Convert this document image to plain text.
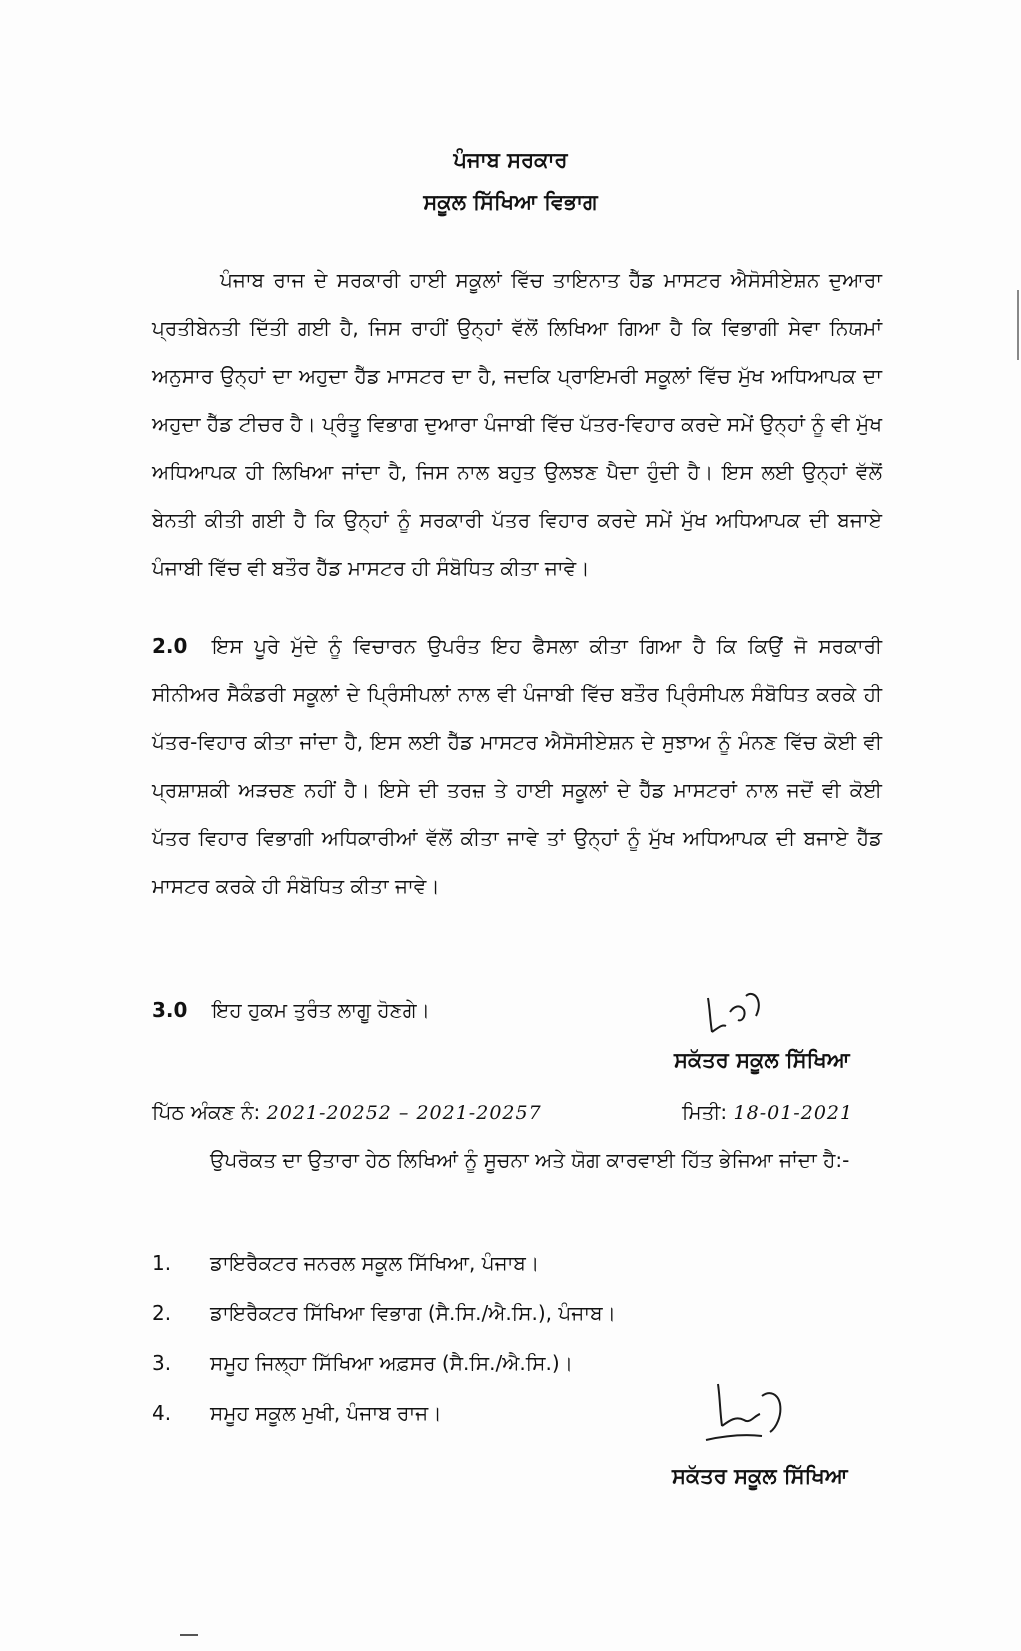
ਪੰਜਾਬ ਸਰਕਾਰ
ਸਕੂਲ ਸਿੱਖਿਆ ਵਿਭਾਗ
ਪੰਜਾਬ ਰਾਜ ਦੇ ਸਰਕਾਰੀ ਹਾਈ ਸਕੂਲਾਂ ਵਿੱਚ ਤਾਇਨਾਤ ਹੈੱਡ ਮਾਸਟਰ ਐਸੋਸੀਏਸ਼ਨ ਦੁਆਰਾ ਪ੍ਰਤੀਬੇਨਤੀ ਦਿੱਤੀ ਗਈ ਹੈ, ਜਿਸ ਰਾਹੀਂ ਉਨ੍ਹਾਂ ਵੱਲੋਂ ਲਿਖਿਆ ਗਿਆ ਹੈ ਕਿ ਵਿਭਾਗੀ ਸੇਵਾ ਨਿਯਮਾਂ ਅਨੁਸਾਰ ਉਨ੍ਹਾਂ ਦਾ ਅਹੁਦਾ ਹੈੱਡ ਮਾਸਟਰ ਦਾ ਹੈ, ਜਦਕਿ ਪ੍ਰਾਇਮਰੀ ਸਕੂਲਾਂ ਵਿੱਚ ਮੁੱਖ ਅਧਿਆਪਕ ਦਾ ਅਹੁਦਾ ਹੈੱਡ ਟੀਚਰ ਹੈ। ਪ੍ਰੰਤੂ ਵਿਭਾਗ ਦੁਆਰਾ ਪੰਜਾਬੀ ਵਿੱਚ ਪੱਤਰ-ਵਿਹਾਰ ਕਰਦੇ ਸਮੇਂ ਉਨ੍ਹਾਂ ਨੂੰ ਵੀ ਮੁੱਖ ਅਧਿਆਪਕ ਹੀ ਲਿਖਿਆ ਜਾਂਦਾ ਹੈ, ਜਿਸ ਨਾਲ ਬਹੁਤ ਉਲਝਣ ਪੈਦਾ ਹੁੰਦੀ ਹੈ। ਇਸ ਲਈ ਉਨ੍ਹਾਂ ਵੱਲੋਂ ਬੇਨਤੀ ਕੀਤੀ ਗਈ ਹੈ ਕਿ ਉਨ੍ਹਾਂ ਨੂੰ ਸਰਕਾਰੀ ਪੱਤਰ ਵਿਹਾਰ ਕਰਦੇ ਸਮੇਂ ਮੁੱਖ ਅਧਿਆਪਕ ਦੀ ਬਜਾਏ ਪੰਜਾਬੀ ਵਿੱਚ ਵੀ ਬਤੌਰ ਹੈੱਡ ਮਾਸਟਰ ਹੀ ਸੰਬੋਧਿਤ ਕੀਤਾ ਜਾਵੇ।
2.0 ਇਸ ਪੂਰੇ ਮੁੱਦੇ ਨੂੰ ਵਿਚਾਰਨ ਉਪਰੰਤ ਇਹ ਫੈਸਲਾ ਕੀਤਾ ਗਿਆ ਹੈ ਕਿ ਕਿਉਂ ਜੋ ਸਰਕਾਰੀ ਸੀਨੀਅਰ ਸੈਕੰਡਰੀ ਸਕੂਲਾਂ ਦੇ ਪ੍ਰਿੰਸੀਪਲਾਂ ਨਾਲ ਵੀ ਪੰਜਾਬੀ ਵਿੱਚ ਬਤੌਰ ਪ੍ਰਿੰਸੀਪਲ ਸੰਬੋਧਿਤ ਕਰਕੇ ਹੀ ਪੱਤਰ-ਵਿਹਾਰ ਕੀਤਾ ਜਾਂਦਾ ਹੈ, ਇਸ ਲਈ ਹੈੱਡ ਮਾਸਟਰ ਐਸੋਸੀਏਸ਼ਨ ਦੇ ਸੁਝਾਅ ਨੂੰ ਮੰਨਣ ਵਿੱਚ ਕੋਈ ਵੀ ਪ੍ਰਸ਼ਾਸ਼ਕੀ ਅੜਚਣ ਨਹੀਂ ਹੈ। ਇਸੇ ਦੀ ਤਰਜ਼ ਤੇ ਹਾਈ ਸਕੂਲਾਂ ਦੇ ਹੈੱਡ ਮਾਸਟਰਾਂ ਨਾਲ ਜਦੋਂ ਵੀ ਕੋਈ ਪੱਤਰ ਵਿਹਾਰ ਵਿਭਾਗੀ ਅਧਿਕਾਰੀਆਂ ਵੱਲੋਂ ਕੀਤਾ ਜਾਵੇ ਤਾਂ ਉਨ੍ਹਾਂ ਨੂੰ ਮੁੱਖ ਅਧਿਆਪਕ ਦੀ ਬਜਾਏ ਹੈੱਡ ਮਾਸਟਰ ਕਰਕੇ ਹੀ ਸੰਬੋਧਿਤ ਕੀਤਾ ਜਾਵੇ।
3.0 ਇਹ ਹੁਕਮ ਤੁਰੰਤ ਲਾਗੂ ਹੋਣਗੇ।
ਸਕੱਤਰ ਸਕੂਲ ਸਿੱਖਿਆ
ਪਿੱਠ ਅੰਕਣ ਨੰ: 2021-20252 – 2021-20257	ਮਿਤੀ: 18-01-2021
ਉਪਰੋਕਤ ਦਾ ਉਤਾਰਾ ਹੇਠ ਲਿਖਿਆਂ ਨੂੰ ਸੂਚਨਾ ਅਤੇ ਯੋਗ ਕਾਰਵਾਈ ਹਿੱਤ ਭੇਜਿਆ ਜਾਂਦਾ ਹੈ:-
1. ਡਾਇਰੈਕਟਰ ਜਨਰਲ ਸਕੂਲ ਸਿੱਖਿਆ, ਪੰਜਾਬ।
2. ਡਾਇਰੈਕਟਰ ਸਿੱਖਿਆ ਵਿਭਾਗ (ਸੈ.ਸਿ./ਐ.ਸਿ.), ਪੰਜਾਬ।
3. ਸਮੂਹ ਜਿਲ੍ਹਾ ਸਿੱਖਿਆ ਅਫ਼ਸਰ (ਸੈ.ਸਿ./ਐ.ਸਿ.)।
4. ਸਮੂਹ ਸਕੂਲ ਮੁਖੀ, ਪੰਜਾਬ ਰਾਜ।
ਸਕੱਤਰ ਸਕੂਲ ਸਿੱਖਿਆ
